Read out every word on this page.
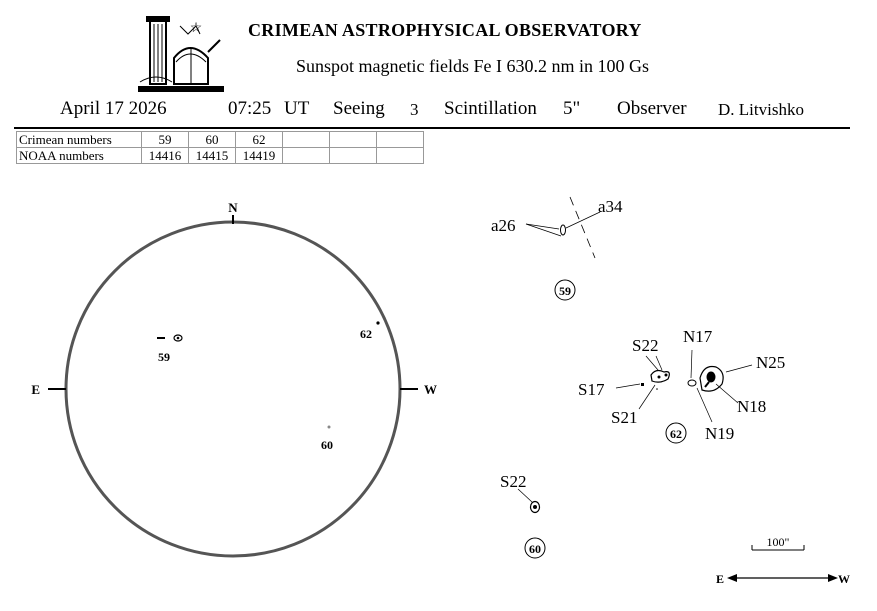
☆	CRIMEAN ASTROPHYSICAL OBSERVATORY
Sunspot magnetic fields Fe I 630.2 nm in 100 Gs
April 17 2026	07:25 UT Seeing 3 Scintillation 5" Observer D. Litvishko
Crimean numbers	59	60	62			
NOAA numbers	14416	14415	14419			
N
E	W
59
62
60
a26
a34
59
S22 N17
N25
S17
N18
S21
N19
62
S22
60	100"
E	W
